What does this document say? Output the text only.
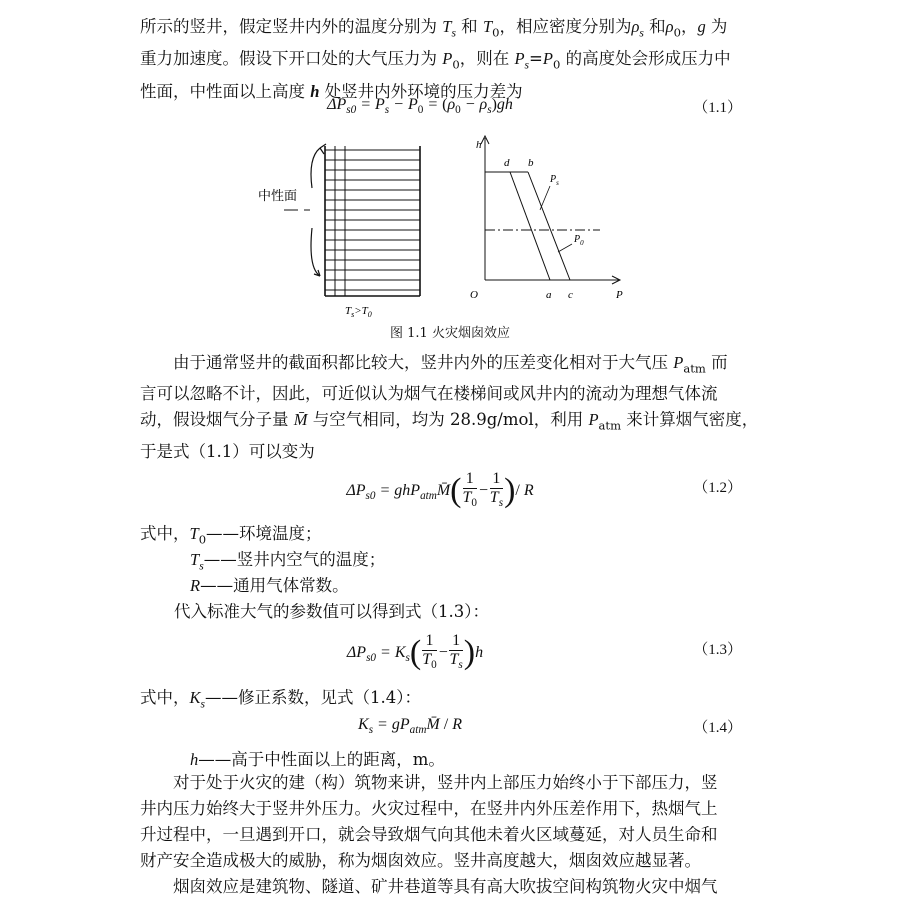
所示的竖井，假定竖井内外的温度分别为 $T_s$ 和 $T_0$，相应密度分别为$\rho_s$ 和$\rho_0$，g 为
重力加速度。假设下开口处的大气压力为 $P_0$，则在 $P_s=P_0$ 的高度处会形成压力中
性面，中性面以上高度 h 处竖井内外环境的压力差为

$\Delta P_{s0} = P_s - P_0 = (\rho_0 - \rho_s)gh$	（1.1）
中性面
$T_s>T_0$
h
P
O
d b
a c
$P_s$
$P_0$
图 1.1 火灾烟囱效应

由于通常竖井的截面积都比较大，竖井内外的压差变化相对于大气压 $P_{atm}$ 而
言可以忽略不计，因此，可近似认为烟气在楼梯间或风井内的流动为理想气体流
动，假设烟气分子量 M̄ 与空气相同，均为 28.9g/mol，利用 $P_{atm}$ 来计算烟气密度，
于是式（1.1）可以变为

$\Delta P_{s0}$ = ghP$_{atm}$M̄( $\frac{1}{T_0} - \frac{1}{T_s}$ )/ R	（1.2）
式中，$T_0——$环境温度；
$T_s——$竖井内空气的温度；
R——通用气体常数。
代入标准大气的参数值可以得到式（1.3）：
$\Delta P_{s0} = K_s( \frac{1}{T_0} - \frac{1}{T_s} )h$	（1.3）
式中，$K_s——$修正系数，见式（1.4）：
$K_s$ = $gP_{atm}M̄$ / R	（1.4）
h——高于中性面以上的距离，m。

对于处于火灾的建（构）筑物来讲，竖井内上部压力始终小于下部压力，竖
井内压力始终大于竖井外压力。火灾过程中，在竖井内外压差作用下，热烟气上
升过程中，一旦遇到开口，就会导致烟气向其他未着火区域蔓延，对人员生命和
财产安全造成极大的威胁，称为烟囱效应。竖井高度越大，烟囱效应越显著。

烟囱效应是建筑物、隧道、矿井巷道等具有高大吹拔空间构筑物火灾中烟气
